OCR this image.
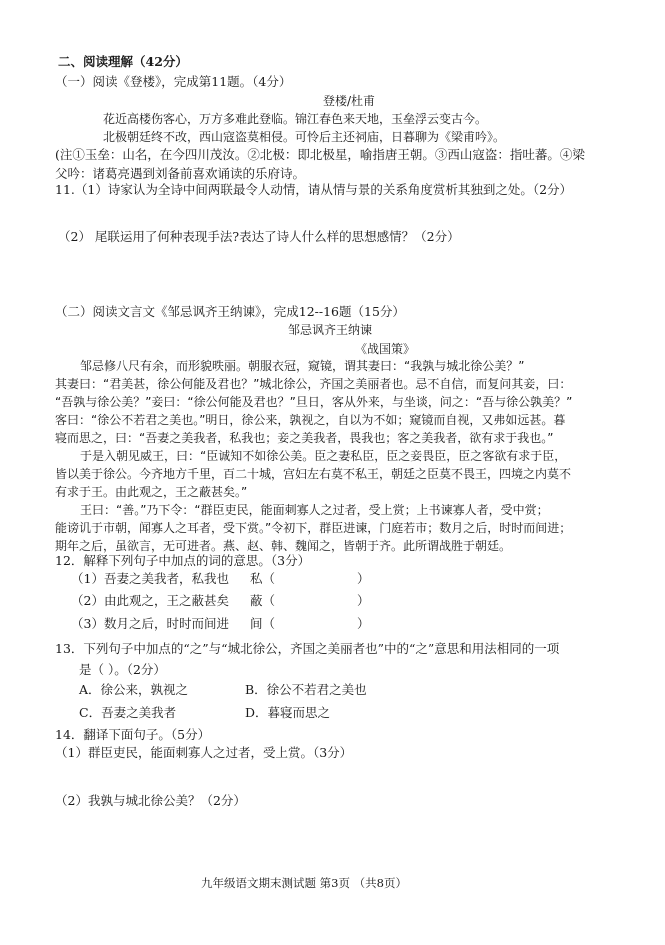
二、阅读理解（42分）
（一）阅读《登楼》，完成第11题。（4分）
登楼/杜甫
花近高楼伤客心，万方多难此登临。锦江春色来天地，玉垒浮云变古今。
北极朝廷终不改，西山寇盗莫相侵。可怜后主还祠庙，日暮聊为《梁甫吟》。
(注①玉垒：山名，在今四川茂汝。②北极：即北极星，喻指唐王朝。③西山寇盗：指吐蕃。④梁
父吟：诸葛亮遇到刘备前喜欢诵读的乐府诗。
11.（1）诗家认为全诗中间两联最令人动情，请从情与景的关系角度赏析其独到之处。（2分）
（2） 尾联运用了何种表现手法?表达了诗人什么样的思想感情？（2分）
（二）阅读文言文《邹忌讽齐王纳谏》，完成12--16题（15分）
邹忌讽齐王纳谏
《战国策》
邹忌修八尺有余，而形貌昳丽。朝服衣冠，窥镜，谓其妻曰：“我孰与城北徐公美？”
其妻曰：“君美甚，徐公何能及君也？”城北徐公，齐国之美丽者也。忌不自信，而复问其妾，曰：
“吾孰与徐公美？”妾曰：“徐公何能及君也？”旦日，客从外来，与坐谈，问之：“吾与徐公孰美？”
客曰：“徐公不若君之美也。”明日，徐公来，孰视之，自以为不如；窥镜而自视，又弗如远甚。暮
寝而思之，曰：“吾妻之美我者，私我也；妾之美我者，畏我也；客之美我者，欲有求于我也。”
于是入朝见威王，曰：“臣诚知不如徐公美。臣之妻私臣，臣之妾畏臣，臣之客欲有求于臣，
皆以美于徐公。今齐地方千里，百二十城，宫妇左右莫不私王，朝廷之臣莫不畏王，四境之内莫不
有求于王。由此观之，王之蔽甚矣。”
王曰：“善。”乃下令：“群臣吏民，能面刺寡人之过者，受上赏；上书谏寡人者，受中赏；
能谤讥于市朝，闻寡人之耳者，受下赏。”令初下，群臣进谏，门庭若市；数月之后，时时而间进；
期年之后，虽欲言，无可进者。燕、赵、韩、魏闻之，皆朝于齐。此所谓战胜于朝廷。
12．解释下列句子中加点的词的意思。（3分）
（1）吾妻之美我者，私我也 私（	）
（2）由此观之，王之蔽甚矣 蔽（	）
（3）数月之后，时时而间进 间（	）
13．下列句子中加点的“之”与“城北徐公，齐国之美丽者也”中的“之”意思和用法相同的一项
是（ ）。（2分）
A．徐公来，孰视之	B．徐公不若君之美也
C．吾妻之美我者	D．暮寝而思之
14．翻译下面句子。（5分）
（1）群臣吏民，能面刺寡人之过者，受上赏。（3分）
（2）我孰与城北徐公美？（2分）
九年级语文期末测试题 第3页 （共8页）
